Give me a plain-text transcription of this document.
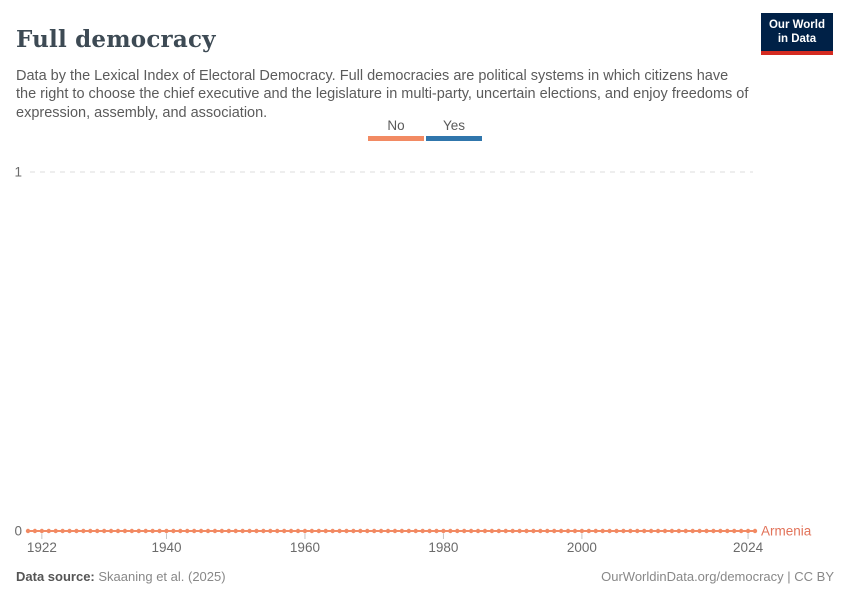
0
1
1922	1940	1960	1980	2000	2024
Armenia
Full democracy

Data by the Lexical Index of Electoral Democracy. Full democracies are political systems in which citizens have the right to choose the chief executive and the legislature in multi-party, uncertain elections, and enjoy freedoms of expression, assembly, and association.

Our World
in Data
No	Yes
Data source: Skaaning et al. (2025)	OurWorldinData.org/democracy | CC BY
